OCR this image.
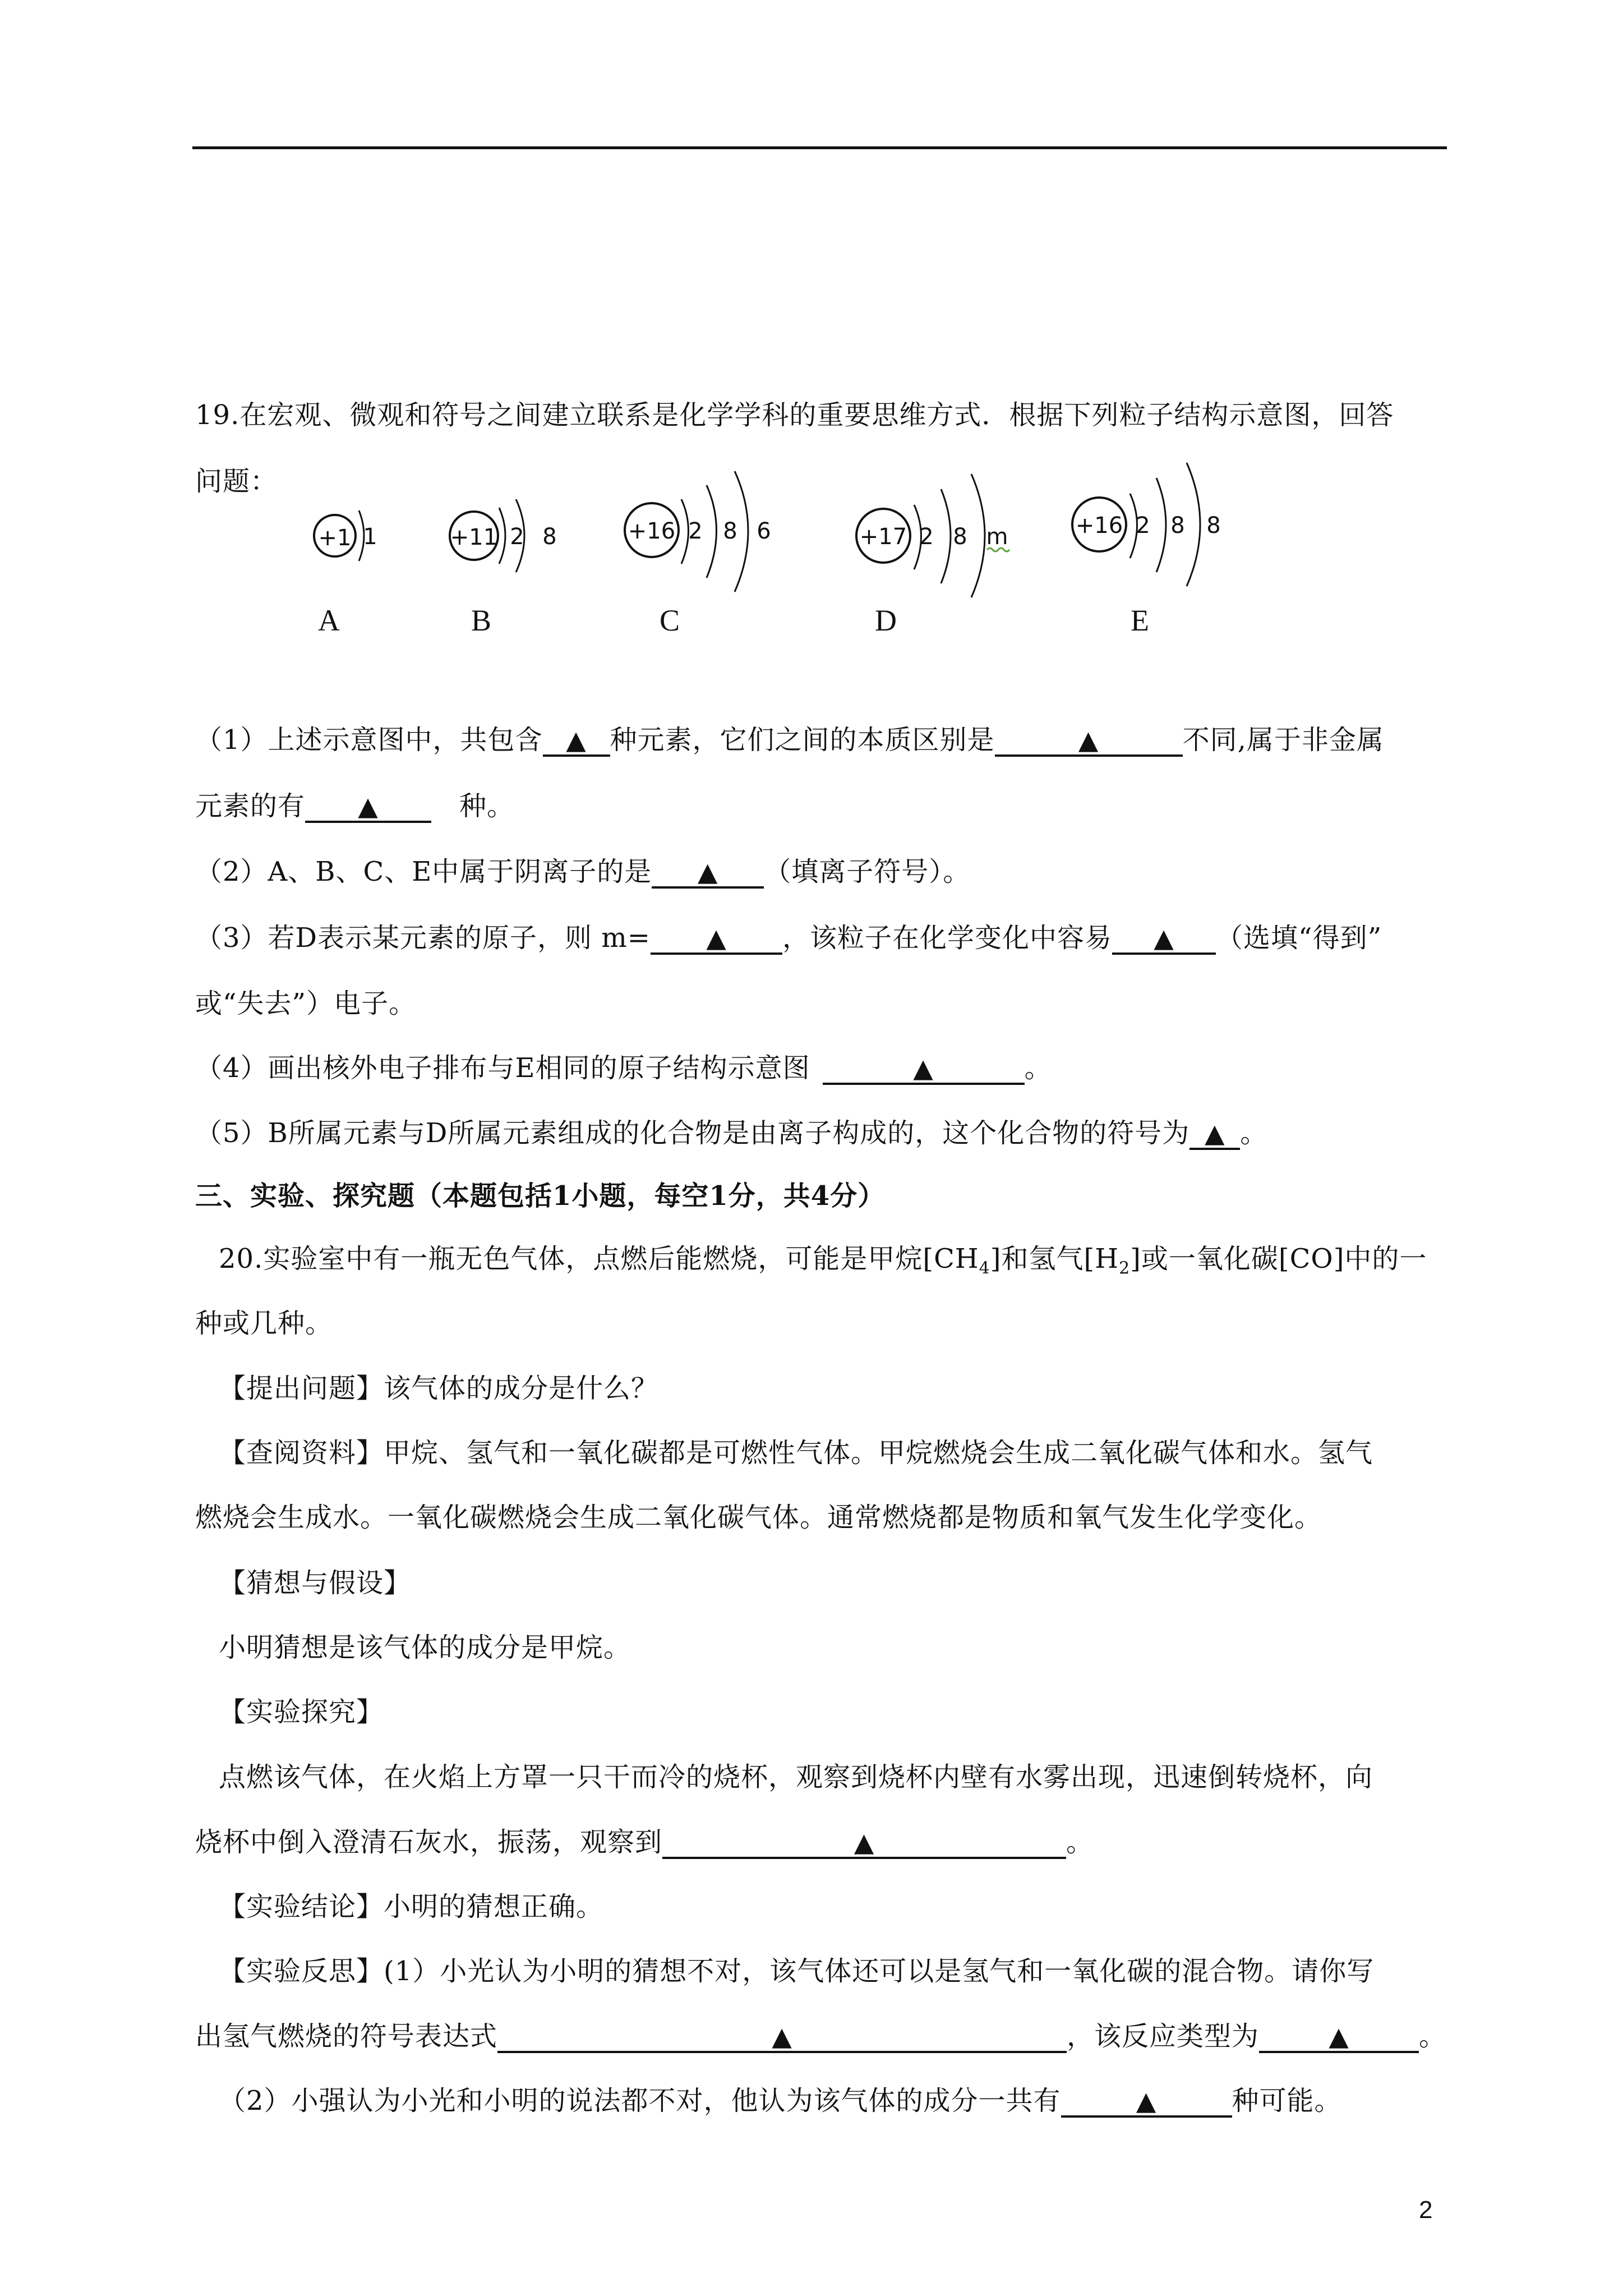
19.在宏观、微观和符号之间建立联系是化学学科的重要思维方式．根据下列粒子结构示意图，回答
问题：
+1 1	+11 2 8	+16 2 8 6	+17 2 8 m	+16 2 8 8
A	B	C	D	E
（1）上述示意图中，共包含 ▲ 种元素，它们之间的本质区别是	▲	不同,属于非金属
元素的有 ▲	种。
（2）A、B、C、E中属于阴离子的是 ▲ （填离子符号）。
（3）若D表示某元素的原子，则 m= ▲ ，该粒子在化学变化中容易 ▲ （选填“得到”
或“失去”）电子。
（4）画出核外电子排布与E相同的原子结构示意图	▲	。
（5）B所属元素与D所属元素组成的化合物是由离子构成的，这个化合物的符号为 ▲ 。
三、实验、探究题（本题包括1小题，每空1分，共4分）
20.实验室中有一瓶无色气体，点燃后能燃烧，可能是甲烷$[CH_4]$和氢气$[H_2]$或一氧化碳[CO]中的一
种或几种。
【提出问题】该气体的成分是什么？
【查阅资料】甲烷、氢气和一氧化碳都是可燃性气体。甲烷燃烧会生成二氧化碳气体和水。氢气
燃烧会生成水。一氧化碳燃烧会生成二氧化碳气体。通常燃烧都是物质和氧气发生化学变化。
【猜想与假设】
小明猜想是该气体的成分是甲烷。
【实验探究】
点燃该气体，在火焰上方罩一只干而冷的烧杯，观察到烧杯内壁有水雾出现，迅速倒转烧杯，向
烧杯中倒入澄清石灰水，振荡，观察到	▲	。
【实验结论】小明的猜想正确。
【实验反思】(1）小光认为小明的猜想不对，该气体还可以是氢气和一氧化碳的混合物。请你写
出氢气燃烧的符号表达式	▲	，该反应类型为	▲	。
（2）小强认为小光和小明的说法都不对，他认为该气体的成分一共有	▲	种可能。
2
